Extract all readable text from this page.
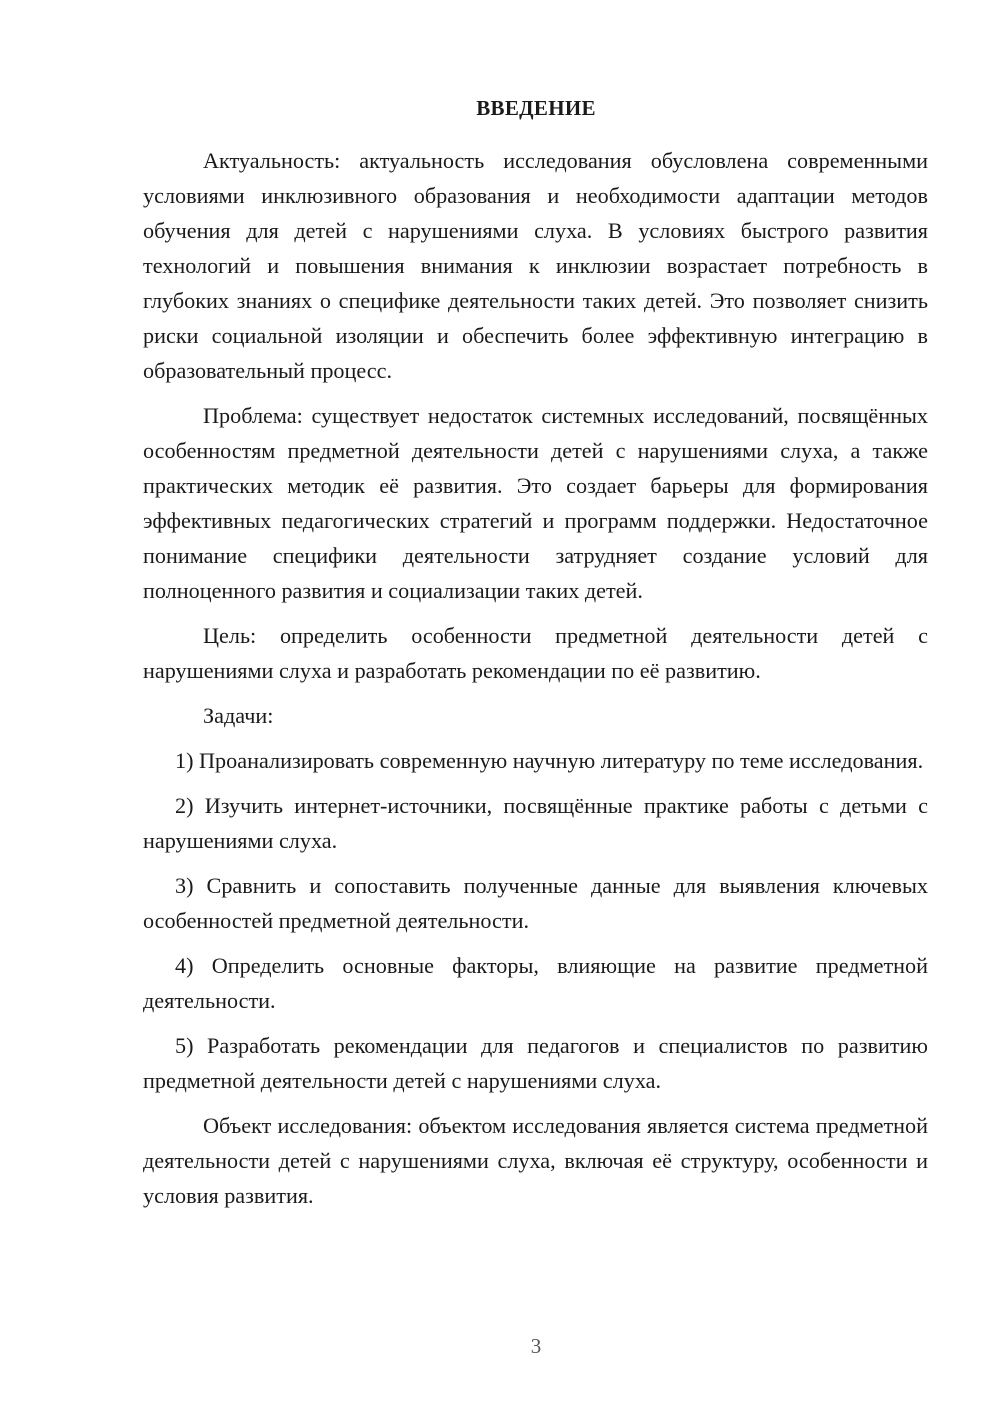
ВВЕДЕНИЕ

Актуальность: актуальность исследования обусловлена современными условиями инклюзивного образования и необходимости адаптации методов обучения для детей с нарушениями слуха. В условиях быстрого развития технологий и повышения внимания к инклюзии возрастает потребность в глубоких знаниях о специфике деятельности таких детей. Это позволяет снизить риски социальной изоляции и обеспечить более эффективную интеграцию в образовательный процесс.

Проблема: существует недостаток системных исследований, посвящённых особенностям предметной деятельности детей с нарушениями слуха, а также практических методик её развития. Это создает барьеры для формирования эффективных педагогических стратегий и программ поддержки. Недостаточное понимание специфики деятельности затрудняет создание условий для полноценного развития и социализации таких детей.

Цель: определить особенности предметной деятельности детей с нарушениями слуха и разработать рекомендации по её развитию.

Задачи:

1) Проанализировать современную научную литературу по теме исследования.

2) Изучить интернет-источники, посвящённые практике работы с детьми с нарушениями слуха.

3) Сравнить и сопоставить полученные данные для выявления ключевых особенностей предметной деятельности.

4) Определить основные факторы, влияющие на развитие предметной деятельности.

5) Разработать рекомендации для педагогов и специалистов по развитию предметной деятельности детей с нарушениями слуха.

Объект исследования: объектом исследования является система предметной деятельности детей с нарушениями слуха, включая её структуру, особенности и условия развития.

3
